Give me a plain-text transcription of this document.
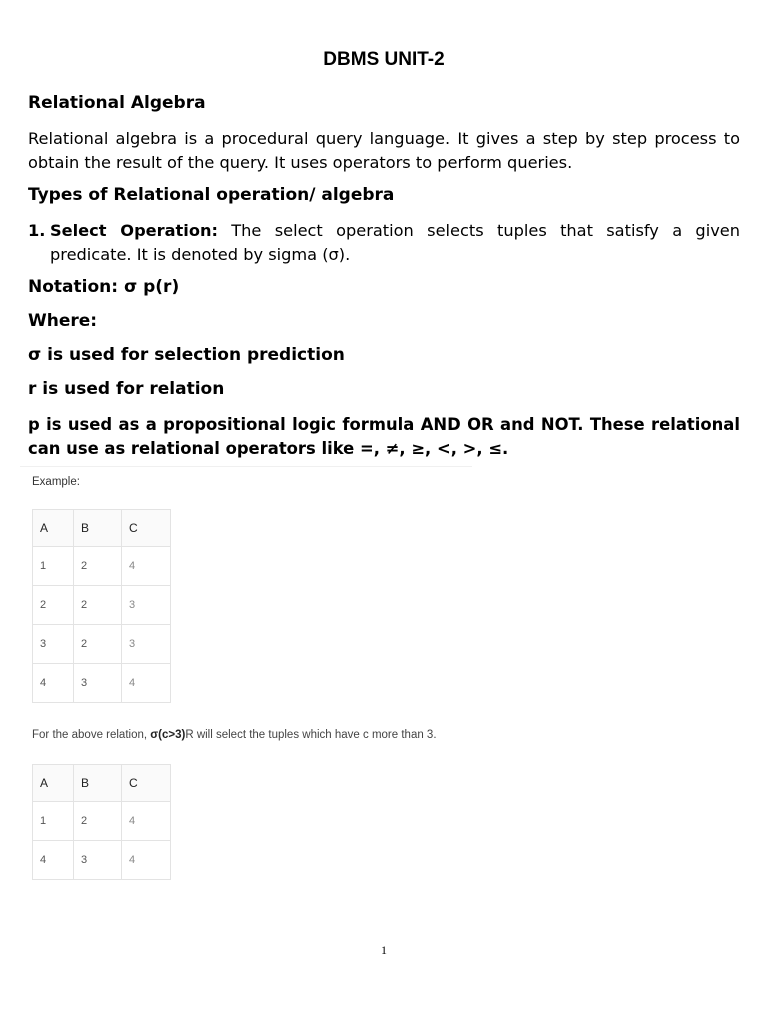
DBMS UNIT-2
Relational Algebra

Relational algebra is a procedural query language. It gives a step by step process to obtain the result of the query. It uses operators to perform queries.

Types of Relational operation/ algebra
1. Select Operation: The select operation selects tuples that satisfy a given predicate. It is denoted by sigma (σ).
Notation: σ p(r)
Where:
σ is used for selection prediction
r is used for relation

p is used as a propositional logic formula AND OR and NOT. These relational can use as relational operators like =, ≠, ≥, <, >, ≤.

Example:
A	B	C
1	2	4
2	2	3
3	2	3
4	3	4
For the above relation, σ(c>3)R will select the tuples which have c more than 3.
A	B	C
1	2	4
4	3	4
1
